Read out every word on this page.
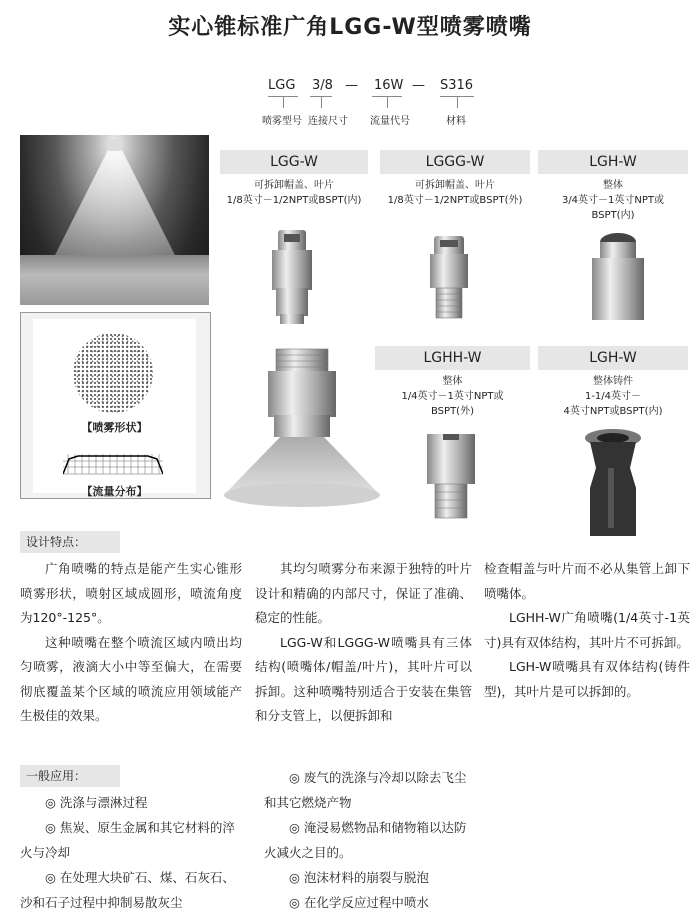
实心锥标准广角LGG-W型喷雾喷嘴
LGG 3/8 — 16W — S316
喷雾型号 连接尺寸 流量代号	材料
【喷雾形状】
【流量分布】
LGG-W
可拆卸帽盖、叶片
1/8英寸－1/2NPT或BSPT(内)
LGGG-W
可拆卸帽盖、叶片
1/8英寸－1/2NPT或BSPT(外)
LGH-W
整体
3/4英寸－1英寸NPT或
BSPT(内)
LGHH-W
整体
1/4英寸－1英寸NPT或
BSPT(外)
LGH-W
整体铸件
1-1/4英寸－
4英寸NPT或BSPT(内)
设计特点：

广角喷嘴的特点是能产生实心锥形喷雾形状，喷射区域成圆形，喷流角度为120°-125°。

这种喷嘴在整个喷流区域内喷出均匀喷雾，液滴大小中等至偏大，在需要彻底覆盖某个区域的喷流应用领域能产生极佳的效果。

其均匀喷雾分布来源于独特的叶片设计和精确的内部尺寸，保证了准确、稳定的性能。

LGG-W和LGGG-W喷嘴具有三体结构(喷嘴体/帽盖/叶片)，其叶片可以拆卸。这种喷嘴特别适合于安装在集管和分支管上，以便拆卸和

检查帽盖与叶片而不必从集管上卸下喷嘴体。

LGHH-W广角喷嘴(1/4英寸-1英寸)具有双体结构，其叶片不可拆卸。

LGH-W喷嘴具有双体结构(铸件型)，其叶片是可以拆卸的。

一般应用：

◎ 洗涤与漂淋过程

◎ 焦炭、原生金属和其它材料的淬火与冷却

◎ 在处理大块矿石、煤、石灰石、沙和石子过程中抑制易散灰尘

◎ 废气的洗涤与冷却以除去飞尘和其它燃烧产物

◎ 淹浸易燃物品和储物箱以达防火减火之目的。

◎ 泡沫材料的崩裂与脱泡

◎ 在化学反应过程中喷水
